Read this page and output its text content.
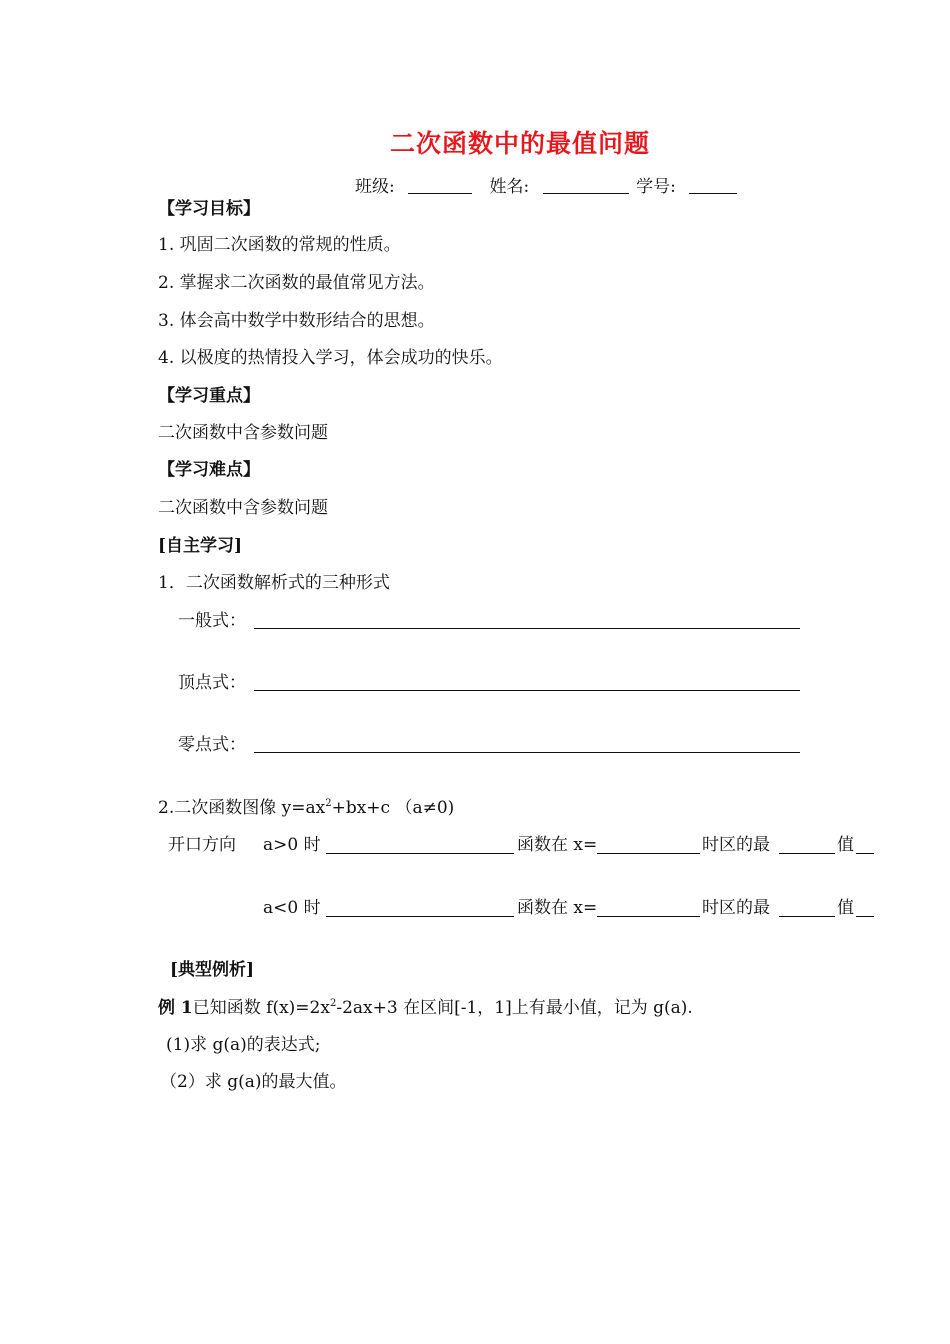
二次函数中的最值问题
班级:	姓名:	学号:
【学习目标】
1. 巩固二次函数的常规的性质。
2. 掌握求二次函数的最值常见方法。
3. 体会高中数学中数形结合的思想。
4. 以极度的热情投入学习，体会成功的快乐。
【学习重点】
二次函数中含参数问题
【学习难点】
二次函数中含参数问题
[自主学习]
1．二次函数解析式的三种形式
一般式：
顶点式：
零点式：
2.二次函数图像 $y=ax^2+bx+c$ （a≠0)
开口方向 a>0 时	函数在 x=	时区的最	值
a<0 时	函数在 x=	时区的最	值
[典型例析]
例 1已知函数 $f(x)=2x^2-2ax+3$ 在区间[-1，1]上有最小值，记为 g(a).
(1)求 g(a)的表达式;
（2）求 g(a)的最大值。
